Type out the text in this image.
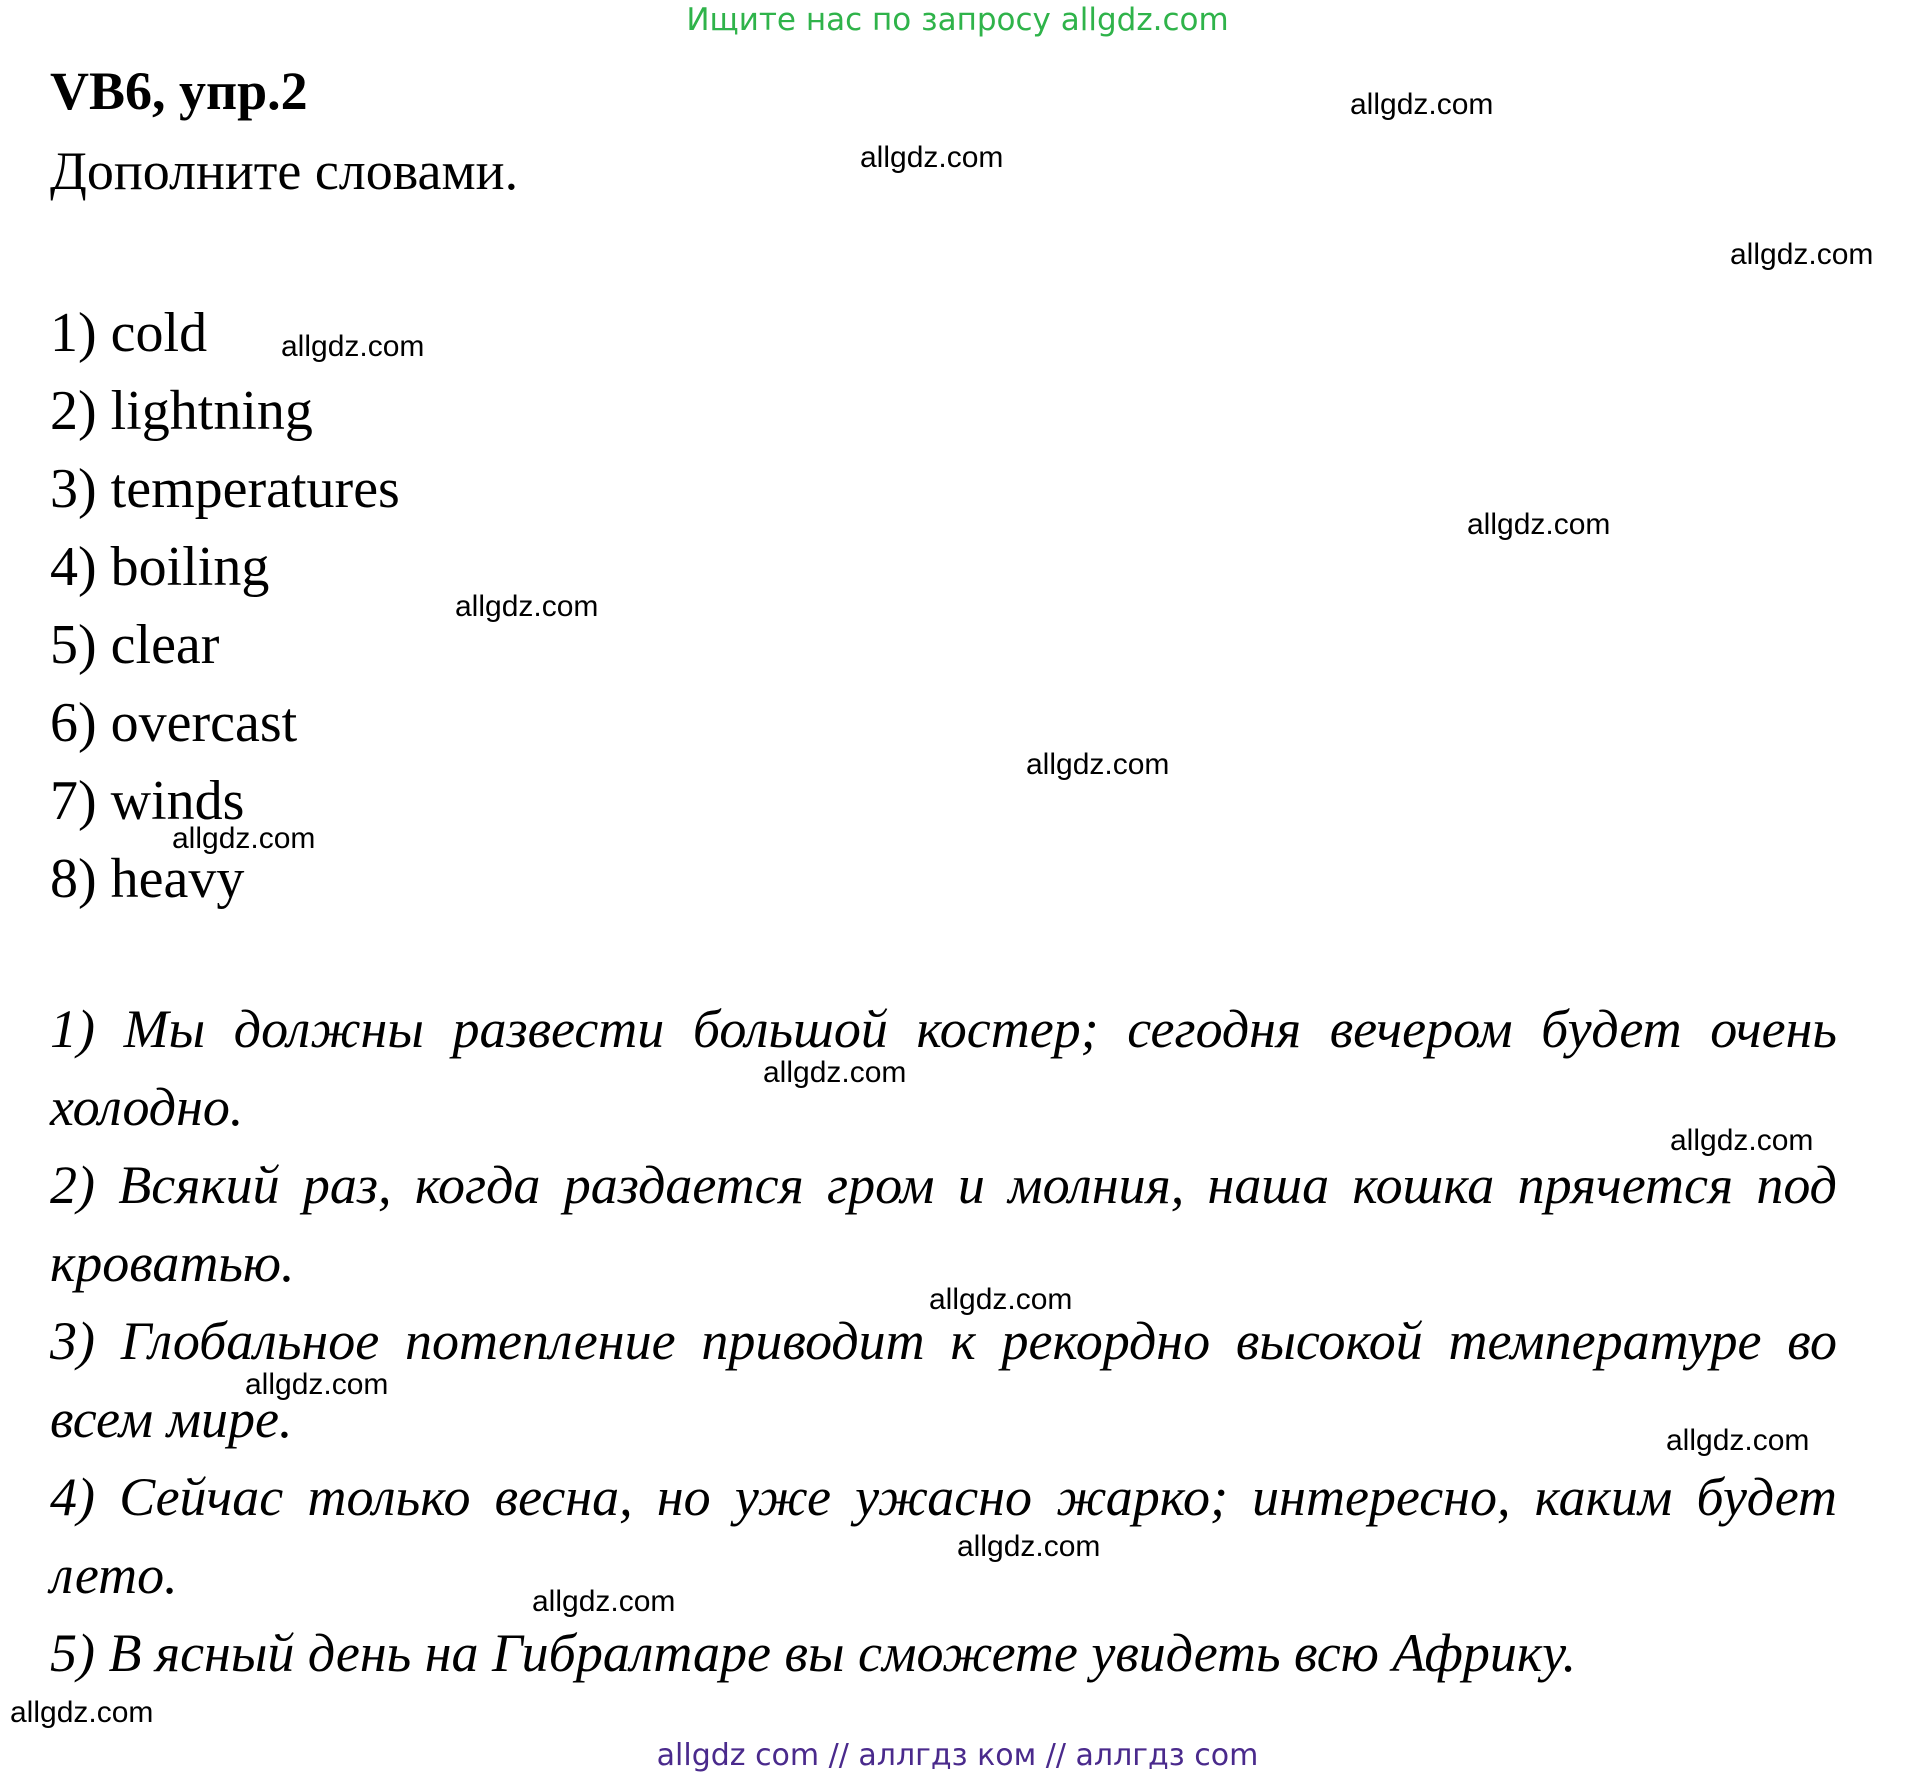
Ищите нас по запросу allgdz.com
VB6, упр.2
Дополните словами.
1) cold
2) lightning
3) temperatures
4) boiling
5) clear
6) overcast
7) winds
8) heavy
1) Мы должны развести большой костер; сегодня вечером будет очень холодно.
2) Всякий раз, когда раздается гром и молния, наша кошка прячется под кроватью.
3) Глобальное потепление приводит к рекордно высокой температуре во всем мире.
4) Сейчас только весна, но уже ужасно жарко; интересно, каким будет лето.
5) В ясный день на Гибралтаре вы сможете увидеть всю Африку.
allgdz.com
allgdz.com
allgdz.com
allgdz.com
allgdz.com
allgdz.com
allgdz.com
allgdz.com
allgdz.com
allgdz.com
allgdz.com
allgdz.com
allgdz.com
allgdz.com
allgdz.com
allgdz.com
allgdz com // аллгдз ком // аллгдз com
